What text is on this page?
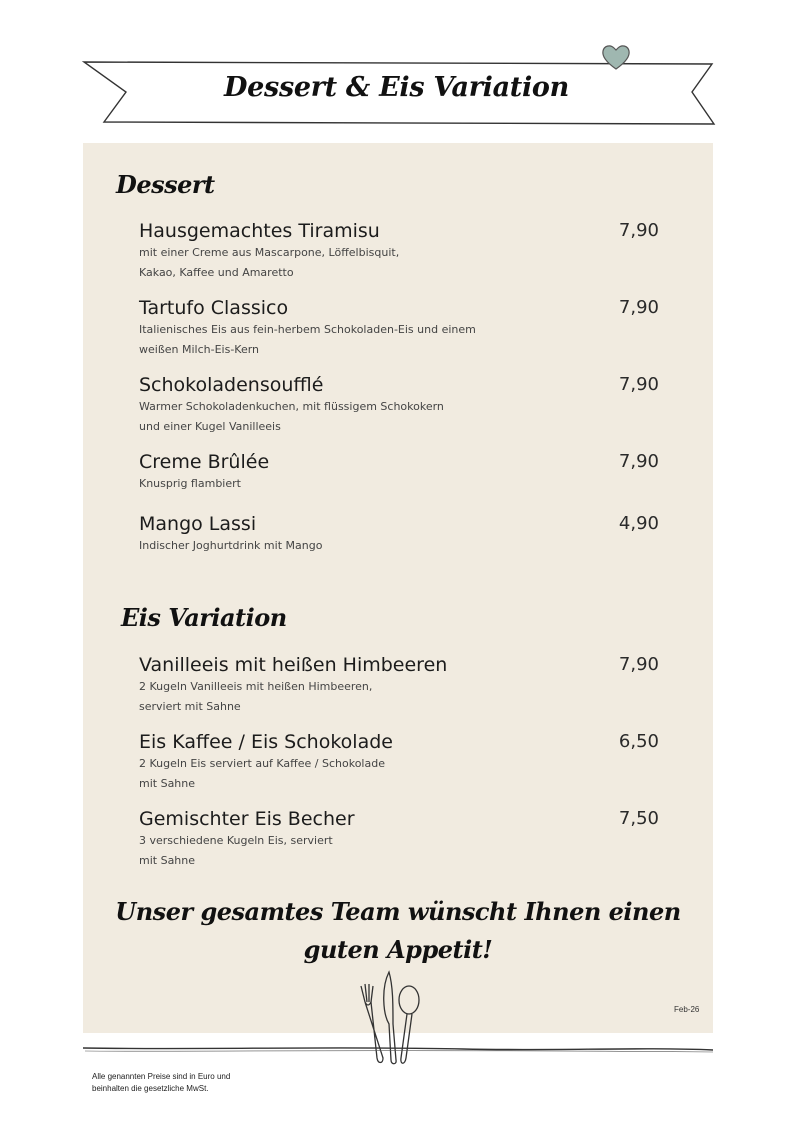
Dessert & Eis Variation
Dessert
Hausgemachtes Tiramisu	7,90
mit einer Creme aus Mascarpone, Löffelbisquit,
Kakao, Kaffee und Amaretto
Tartufo Classico	7,90
Italienisches Eis aus fein-herbem Schokoladen-Eis und einem
weißen Milch-Eis-Kern
Schokoladensoufflé	7,90
Warmer Schokoladenkuchen, mit flüssigem Schokokern
und einer Kugel Vanilleeis
Creme Brûlée	7,90
Knusprig flambiert
Mango Lassi	4,90
Indischer Joghurtdrink mit Mango
Eis Variation
Vanilleeis mit heißen Himbeeren	7,90
2 Kugeln Vanilleeis mit heißen Himbeeren,
serviert mit Sahne
Eis Kaffee / Eis Schokolade	6,50
2 Kugeln Eis serviert auf Kaffee / Schokolade
mit Sahne
Gemischter Eis Becher	7,50
3 verschiedene Kugeln Eis, serviert
mit Sahne
Unser gesamtes Team wünscht Ihnen einen
guten Appetit!
Feb-26
Alle genannten Preise sind in Euro und
beinhalten die gesetzliche MwSt.
